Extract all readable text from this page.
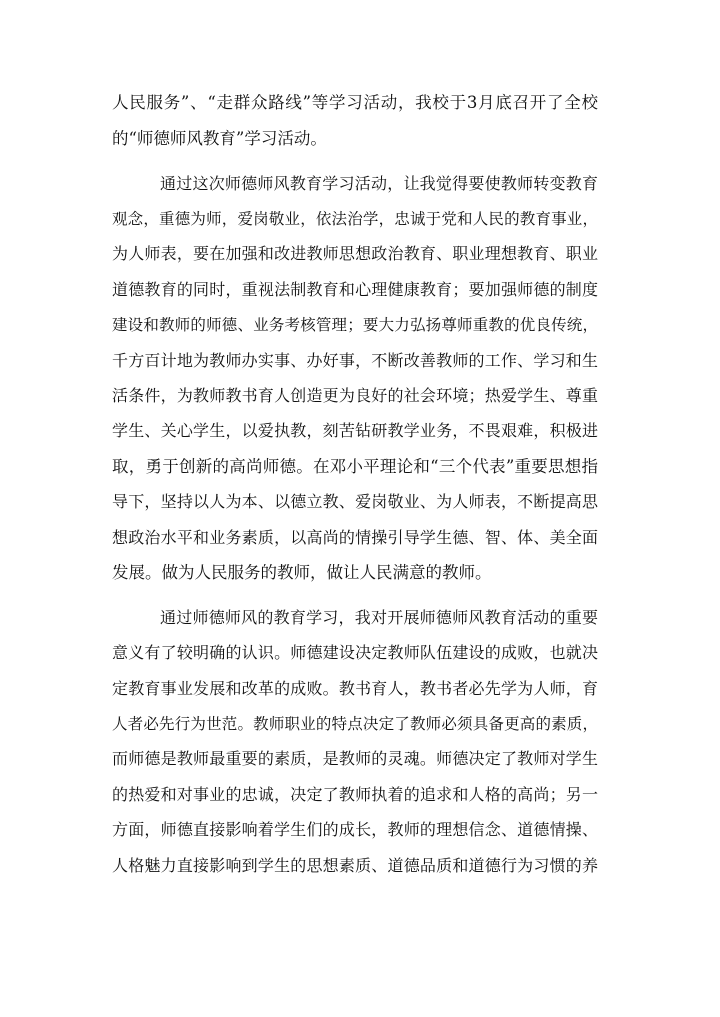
人民服务”、“走群众路线”等学习活动，我校于3月底召开了全校
的“师德师风教育”学习活动。
通过这次师德师风教育学习活动，让我觉得要使教师转变教育
观念，重德为师，爱岗敬业，依法治学，忠诚于党和人民的教育事业，
为人师表，要在加强和改进教师思想政治教育、职业理想教育、职业
道德教育的同时，重视法制教育和心理健康教育；要加强师德的制度
建设和教师的师德、业务考核管理；要大力弘扬尊师重教的优良传统，
千方百计地为教师办实事、办好事，不断改善教师的工作、学习和生
活条件，为教师教书育人创造更为良好的社会环境；热爱学生、尊重
学生、关心学生，以爱执教，刻苦钻研教学业务，不畏艰难，积极进
取，勇于创新的高尚师德。在邓小平理论和“三个代表”重要思想指
导下，坚持以人为本、以德立教、爱岗敬业、为人师表，不断提高思
想政治水平和业务素质，以高尚的情操引导学生德、智、体、美全面
发展。做为人民服务的教师，做让人民满意的教师。
通过师德师风的教育学习，我对开展师德师风教育活动的重要
意义有了较明确的认识。师德建设决定教师队伍建设的成败，也就决
定教育事业发展和改革的成败。教书育人，教书者必先学为人师，育
人者必先行为世范。教师职业的特点决定了教师必须具备更高的素质，
而师德是教师最重要的素质，是教师的灵魂。师德决定了教师对学生
的热爱和对事业的忠诚，决定了教师执着的追求和人格的高尚；另一
方面，师德直接影响着学生们的成长，教师的理想信念、道德情操、
人格魅力直接影响到学生的思想素质、道德品质和道德行为习惯的养
